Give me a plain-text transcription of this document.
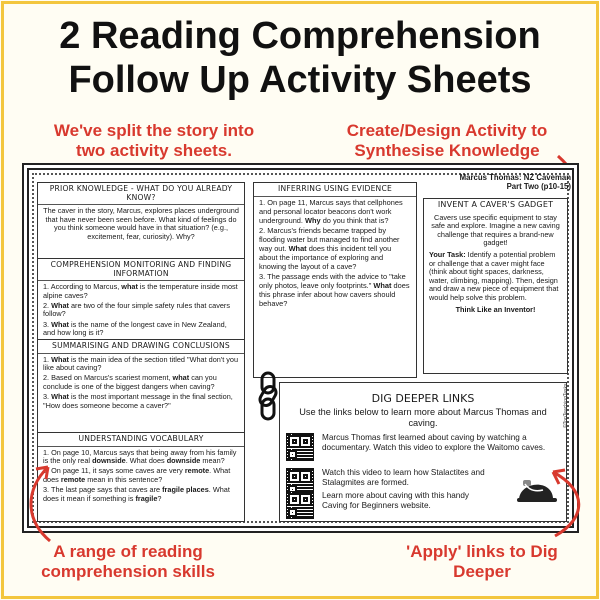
2 Reading Comprehension
Follow Up Activity Sheets
We've split the story into two activity sheets.
Create/Design Activity to Synthesise Knowledge
PRIOR KNOWLEDGE - WHAT DO YOU ALREADY KNOW?

The caver in the story, Marcus, explores places underground that have never been seen before. What kind of feelings do you think someone would have in that situation? (e.g., excitement, fear, curiosity). Why?

COMPREHENSION MONITORING AND FINDING INFORMATION

1. According to Marcus, what is the temperature inside most alpine caves?

2. What are two of the four simple safety rules that cavers follow?

3. What is the name of the longest cave in New Zealand, and how long is it?

SUMMARISING AND DRAWING CONCLUSIONS

1. What is the main idea of the section titled "What don't you like about caving?

2. Based on Marcus's scariest moment, what can you conclude is one of the biggest dangers when caving?

3. What is the most important message in the final section, "How does someone become a caver?"

UNDERSTANDING VOCABULARY

1. On page 10, Marcus says that being away from his family is the only real downside. What does downside mean?

2. On page 11, it says some caves are very remote. What does remote mean in this sentence?

3. The last page says that caves are fragile places. What does it mean if something is fragile?

INFERRING USING EVIDENCE

1. On page 11, Marcus says that cellphones and personal locator beacons don't work underground. Why do you think that is?

2. Marcus's friends became trapped by flooding water but managed to find another way out. What does this incident tell you about the importance of exploring and knowing the layout of a cave?

3. The passage ends with the advice to "take only photos, leave only footprints." What does this phrase infer about how cavers should behave?

Marcus Thomas: NZ Caveman
Part Two (p10-15)
INVENT A CAVER'S GADGET

Cavers use specific equipment to stay safe and explore. Imagine a new caving challenge that requires a brand-new gadget!

Your Task: Identify a potential problem or challenge that a caver might face (think about tight spaces, darkness, water, climbing, mapping). Then, design and draw a new piece of equipment that would help solve this problem.

Think Like an Inventor!

DIG DEEPER LINKS
Use the links below to learn more about Marcus Thomas and caving.
Marcus Thomas first learned about caving by watching a documentary. Watch this video to explore the Waitomo caves.
Watch this video to learn how Stalactites and Stalagmites are formed.
Learn more about caving with this handy Caving for Beginners website.
©TopTeachingTasks
A range of reading comprehension skills
'Apply' links to Dig Deeper
